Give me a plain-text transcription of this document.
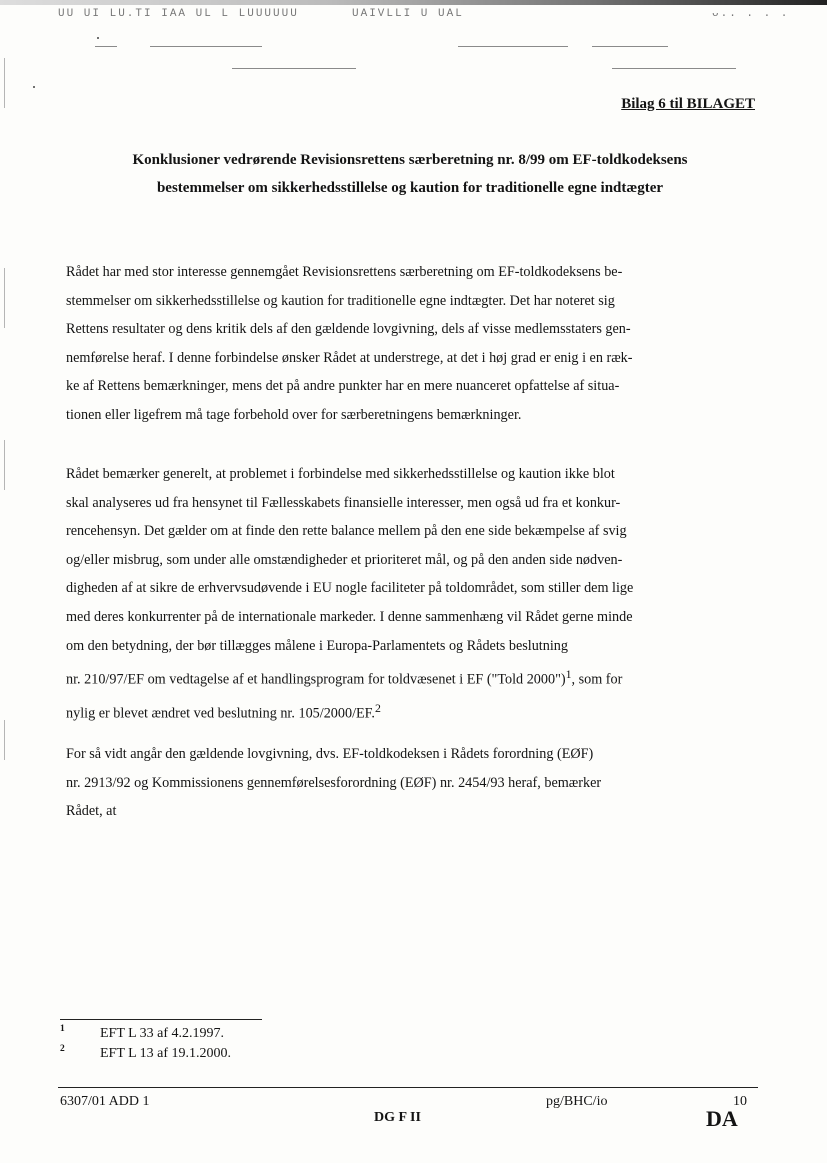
UU UI LU.TI IAA UL L LUUUUUU	UAIVLLI U UAL	ᴗ.. . . .
Bilag 6 til BILAGET
Konklusioner vedrørende Revisionsrettens særberetning nr. 8/99 om EF-toldkodeksens
bestemmelser om sikkerhedsstillelse og kaution for traditionelle egne indtægter
Rådet har med stor interesse gennemgået Revisionsrettens særberetning om EF-toldkodeksens be-
stemmelser om sikkerhedsstillelse og kaution for traditionelle egne indtægter. Det har noteret sig
Rettens resultater og dens kritik dels af den gældende lovgivning, dels af visse medlemsstaters gen-
nemførelse heraf. I denne forbindelse ønsker Rådet at understrege, at det i høj grad er enig i en ræk-
ke af Rettens bemærkninger, mens det på andre punkter har en mere nuanceret opfattelse af situa-
tionen eller ligefrem må tage forbehold over for særberetningens bemærkninger.
Rådet bemærker generelt, at problemet i forbindelse med sikkerhedsstillelse og kaution ikke blot
skal analyseres ud fra hensynet til Fællesskabets finansielle interesser, men også ud fra et konkur-
rencehensyn. Det gælder om at finde den rette balance mellem på den ene side bekæmpelse af svig
og/eller misbrug, som under alle omstændigheder et prioriteret mål, og på den anden side nødven-
digheden af at sikre de erhvervsudøvende i EU nogle faciliteter på toldområdet, som stiller dem lige
med deres konkurrenter på de internationale markeder. I denne sammenhæng vil Rådet gerne minde
om den betydning, der bør tillægges målene i Europa-Parlamentets og Rådets beslutning
nr. 210/97/EF om vedtagelse af et handlingsprogram for toldvæsenet i EF ("Told 2000")$^1$, som for
nylig er blevet ændret ved beslutning nr. 105/2000/EF.$^2$
For så vidt angår den gældende lovgivning, dvs. EF-toldkodeksen i Rådets forordning (EØF)
nr. 2913/92 og Kommissionens gennemførelsesforordning (EØF) nr. 2454/93 heraf, bemærker
Rådet, at
1	EFT L 33 af 4.2.1997.
2	EFT L 13 af 19.1.2000.
6307/01 ADD 1
DG F II
pg/BHC/io	10
DA
